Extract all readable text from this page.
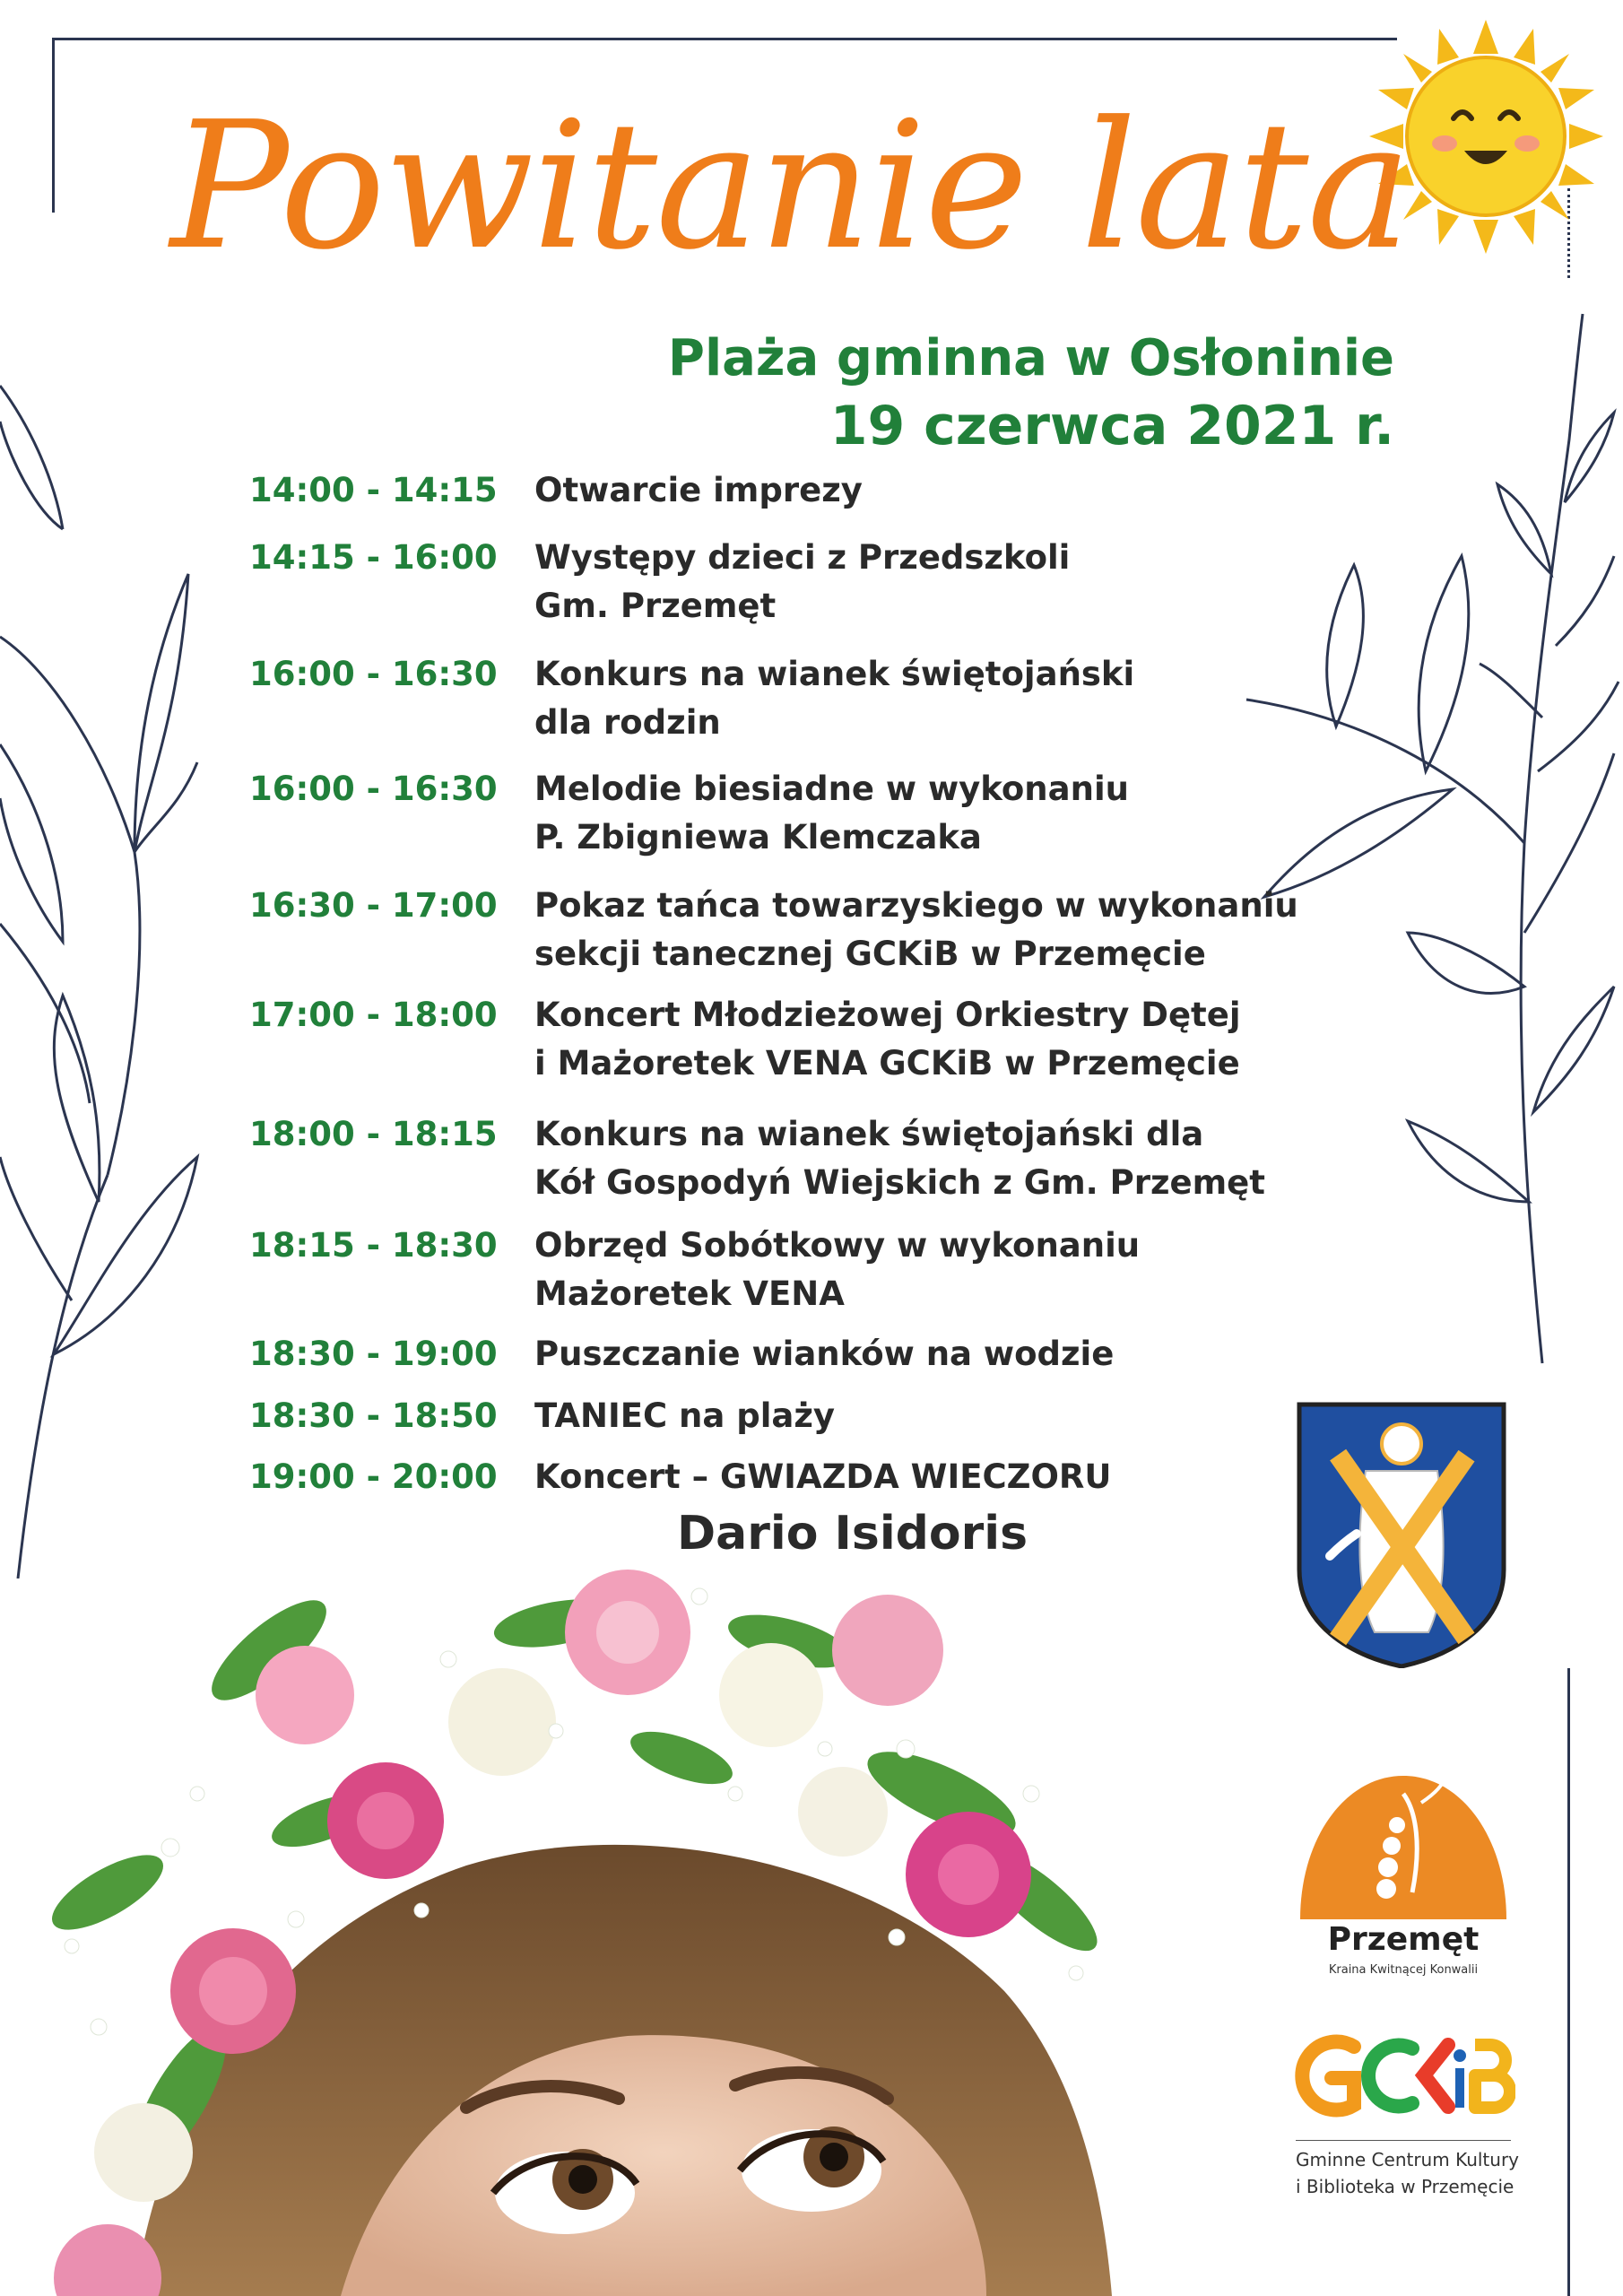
Powitanie lata
Plaża gminna w Osłoninie
19 czerwca 2021 r.
14:00 - 14:15	Otwarcie imprezy
14:15 - 16:00	Występy dzieci z Przedszkoli
Gm. Przemęt
16:00 - 16:30	Konkurs na wianek świętojański
dla rodzin
16:00 - 16:30	Melodie biesiadne w wykonaniu
P. Zbigniewa Klemczaka
16:30 - 17:00	Pokaz tańca towarzyskiego w wykonaniu
sekcji tanecznej GCKiB w Przemęcie
17:00 - 18:00	Koncert Młodzieżowej Orkiestry Dętej
i Mażoretek VENA GCKiB w Przemęcie
18:00 - 18:15	Konkurs na wianek świętojański dla
Kół Gospodyń Wiejskich z Gm. Przemęt
18:15 - 18:30	Obrzęd Sobótkowy w wykonaniu
Mażoretek VENA
18:30 - 19:00	Puszczanie wianków na wodzie
18:30 - 18:50	TANIEC na plaży
19:00 - 20:00	Koncert – GWIAZDA WIECZORU
Dario Isidoris
Przemęt
Kraina Kwitnącej Konwalii
Gminne Centrum Kultury
i Biblioteka w Przemęcie
